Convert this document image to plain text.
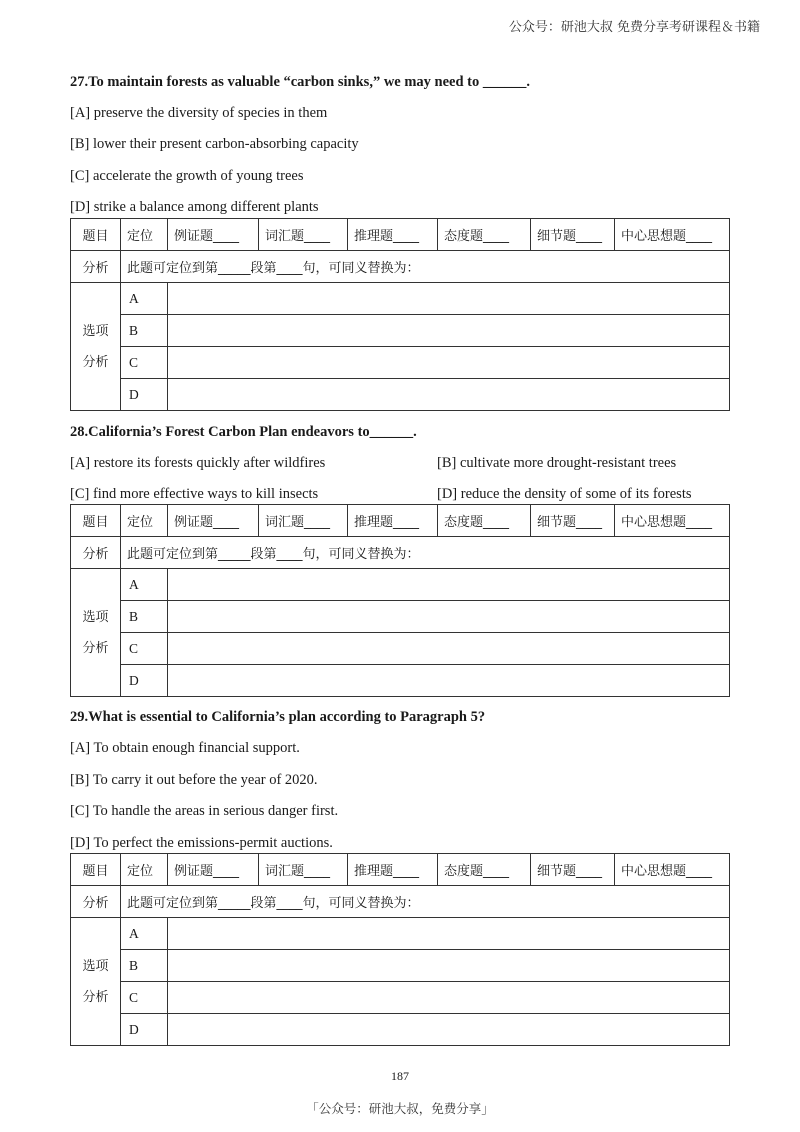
公众号：研池大叔 免费分享考研课程＆书籍
27.To maintain forests as valuable “carbon sinks,” we may need to ______.
[A] preserve the diversity of species in them
[B] lower their present carbon-absorbing capacity
[C] accelerate the growth of young trees
[D] strike a balance among different plants
题目	定位	例证题____	词汇题____	推理题____	态度题____	细节题____	中心思想题____
分析	此题可定位到第_____段第____句，可同义替换为：						

选项
分析	A						
	B						
	C						
	D						
28.California’s Forest Carbon Plan endeavors to______.
[A] restore its forests quickly after wildfires	[B] cultivate more drought-resistant trees
[C] find more effective ways to kill insects	[D] reduce the density of some of its forests
题目	定位	例证题____	词汇题____	推理题____	态度题____	细节题____	中心思想题____
分析	此题可定位到第_____段第____句，可同义替换为：						

选项
分析	A						
	B						
	C						
	D						
29.What is essential to California’s plan according to Paragraph 5?
[A] To obtain enough financial support.
[B] To carry it out before the year of 2020.
[C] To handle the areas in serious danger first.
[D] To perfect the emissions-permit auctions.
题目	定位	例证题____	词汇题____	推理题____	态度题____	细节题____	中心思想题____
分析	此题可定位到第_____段第____句，可同义替换为：						

选项
分析	A						
	B						
	C						
	D						
187
「公众号：研池大叔，免费分享」
